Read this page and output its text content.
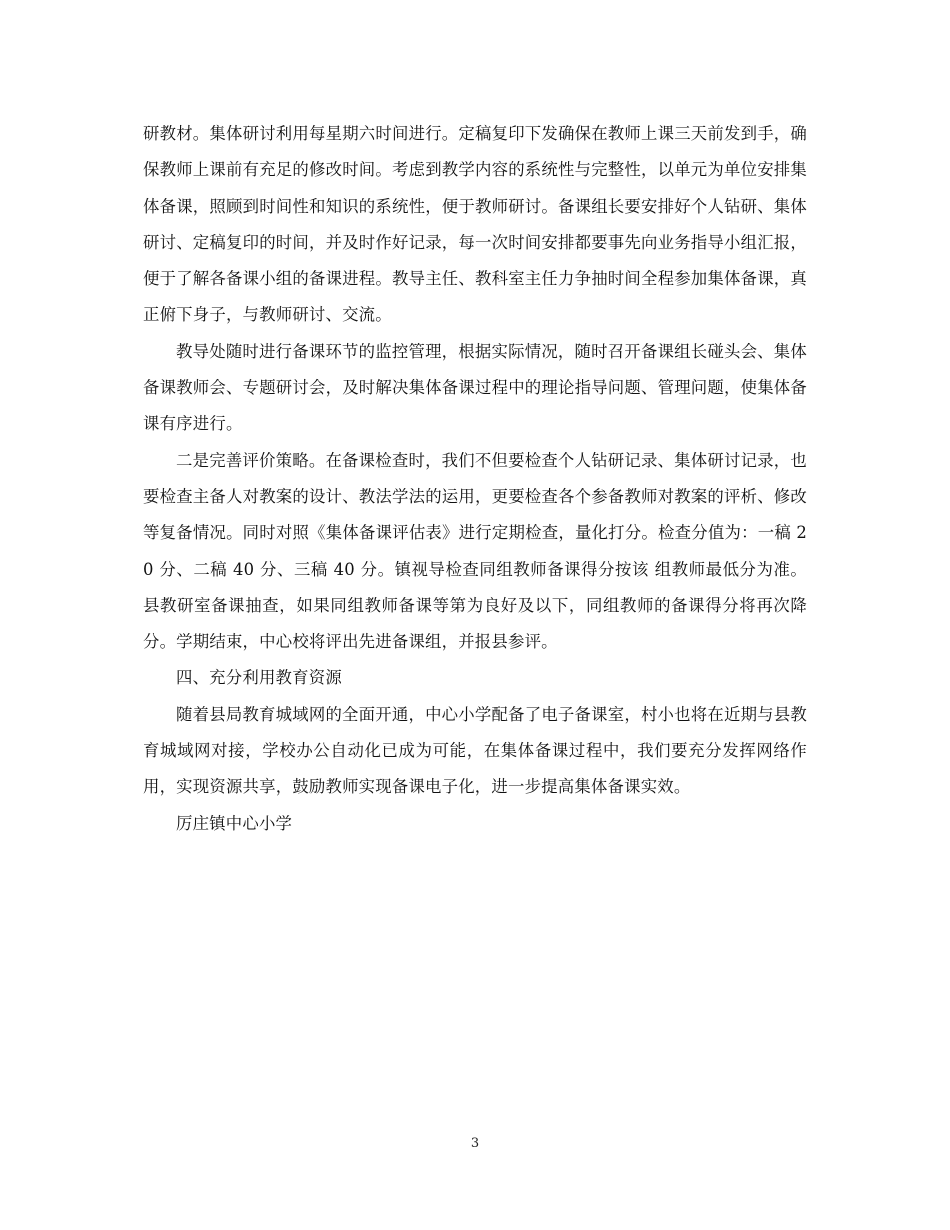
研教材。集体研讨利用每星期六时间进行。定稿复印下发确保在教师上课三天前发到手，确保教师上课前有充足的修改时间。考虑到教学内容的系统性与完整性，以单元为单位安排集体备课，照顾到时间性和知识的系统性，便于教师研讨。备课组长要安排好个人钻研、集体研讨、定稿复印的时间，并及时作好记录，每一次时间安排都要事先向业务指导小组汇报，便于了解各备课小组的备课进程。教导主任、教科室主任力争抽时间全程参加集体备课，真正俯下身子，与教师研讨、交流。

教导处随时进行备课环节的监控管理，根据实际情况，随时召开备课组长碰头会、集体备课教师会、专题研讨会，及时解决集体备课过程中的理论指导问题、管理问题，使集体备课有序进行。

二是完善评价策略。在备课检查时，我们不但要检查个人钻研记录、集体研讨记录，也要检查主备人对教案的设计、教法学法的运用，更要检查各个参备教师对教案的评析、修改等复备情况。同时对照《集体备课评估表》进行定期检查，量化打分。检查分值为：一稿 20 分、二稿 40 分、三稿 40 分。镇视导检查同组教师备课得分按该 组教师最低分为准。县教研室备课抽查，如果同组教师备课等第为良好及以下，同组教师的备课得分将再次降分。学期结束，中心校将评出先进备课组，并报县参评。

四、充分利用教育资源

随着县局教育城域网的全面开通，中心小学配备了电子备课室，村小也将在近期与县教育城域网对接，学校办公自动化已成为可能，在集体备课过程中，我们要充分发挥网络作用，实现资源共享，鼓励教师实现备课电子化，进一步提高集体备课实效。

厉庄镇中心小学

3
